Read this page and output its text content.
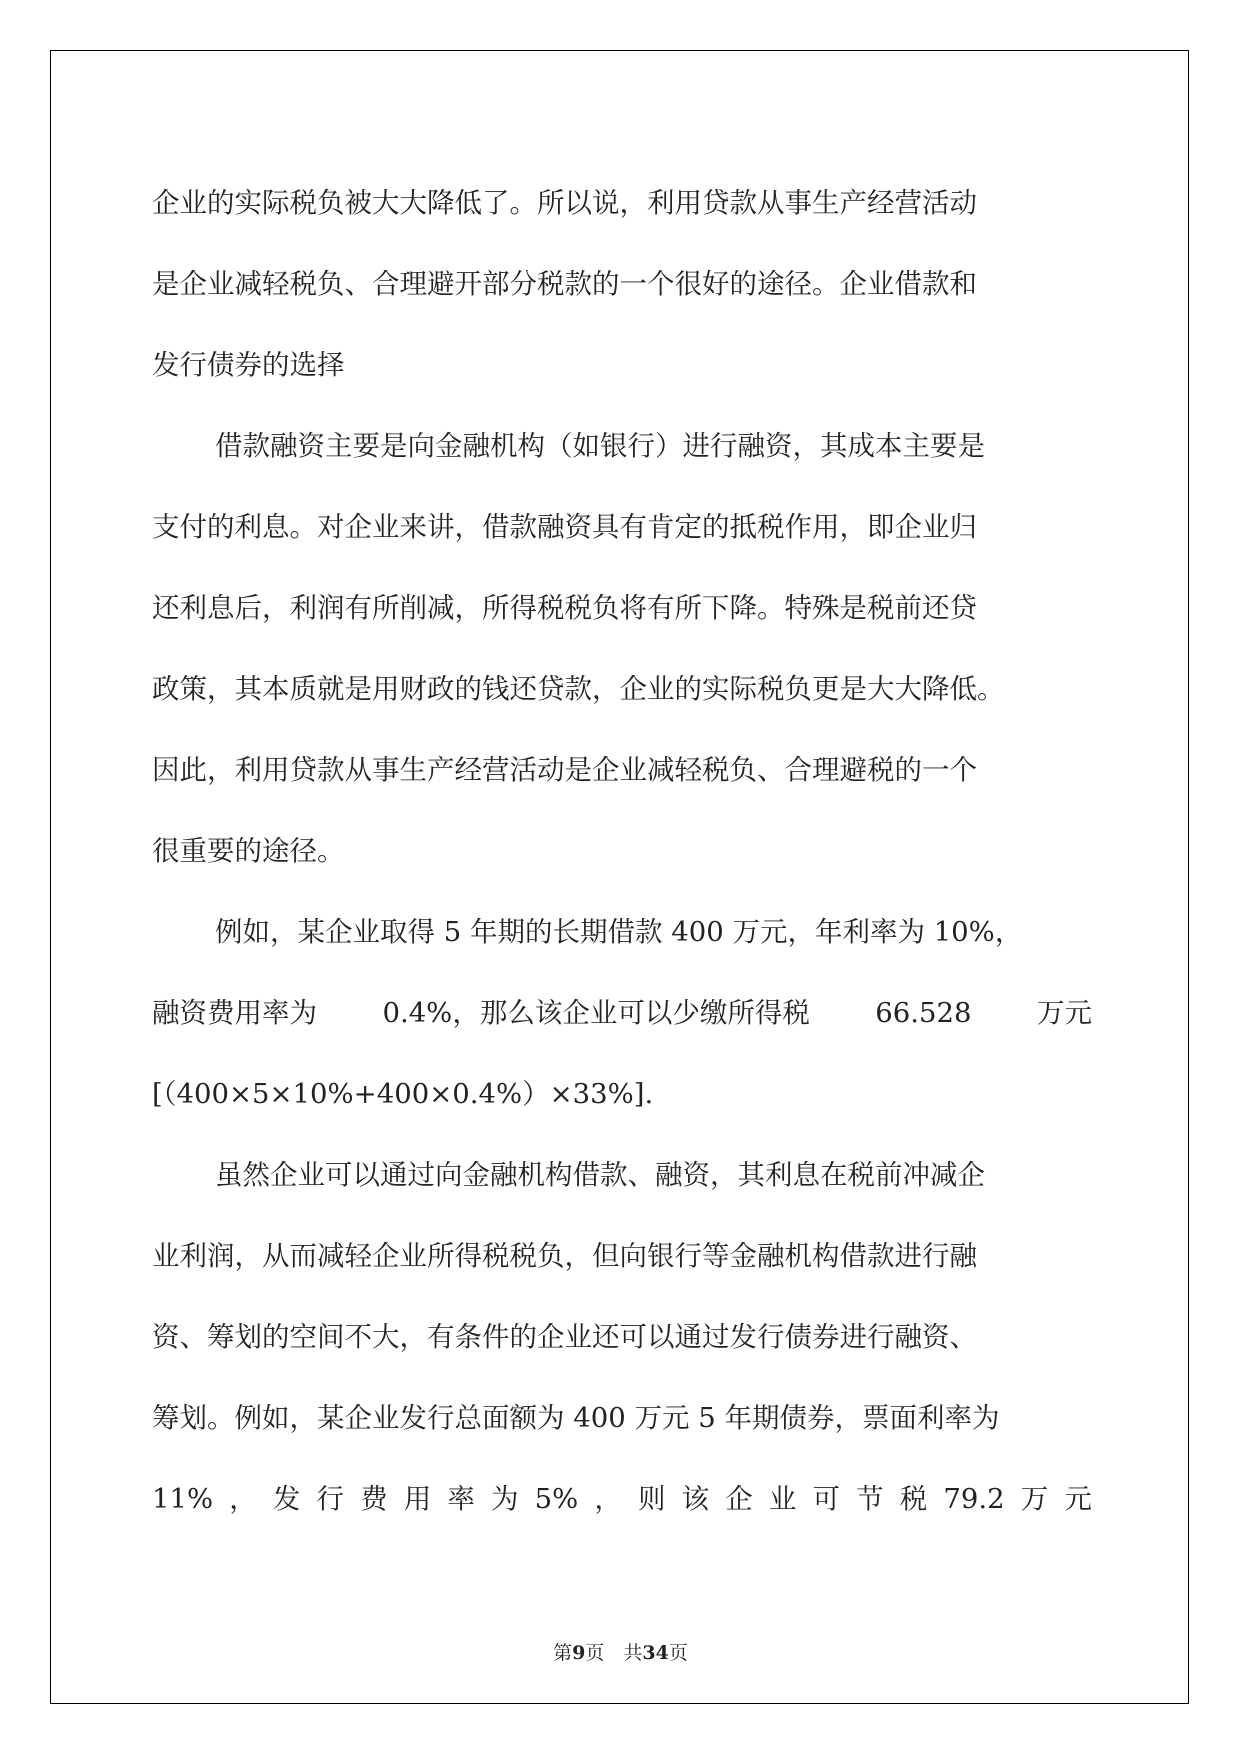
企业的实际税负被大大降低了。所以说，利用贷款从事生产经营活动
是企业减轻税负、合理避开部分税款的一个很好的途径。企业借款和
发行债券的选择
借款融资主要是向金融机构（如银行）进行融资，其成本主要是
支付的利息。对企业来讲，借款融资具有肯定的抵税作用，即企业归
还利息后，利润有所削减，所得税税负将有所下降。特殊是税前还贷
政策，其本质就是用财政的钱还贷款，企业的实际税负更是大大降低。
因此，利用贷款从事生产经营活动是企业减轻税负、合理避税的一个
很重要的途径。
例如，某企业取得 5 年期的长期借款 400 万元，年利率为 10%，
融资费用率为 0.4%，那么该企业可以少缴所得税 66.528 万元
[（400×5×10%+400×0.4%）×33%].
虽然企业可以通过向金融机构借款、融资，其利息在税前冲减企
业利润，从而减轻企业所得税税负，但向银行等金融机构借款进行融
资、筹划的空间不大，有条件的企业还可以通过发行债券进行融资、
筹划。例如，某企业发行总面额为 400 万元 5 年期债券，票面利率为
11% ， 发 行 费 用 率 为 5% ， 则 该 企 业 可 节 税 79.2 万 元
第9页　共34页
